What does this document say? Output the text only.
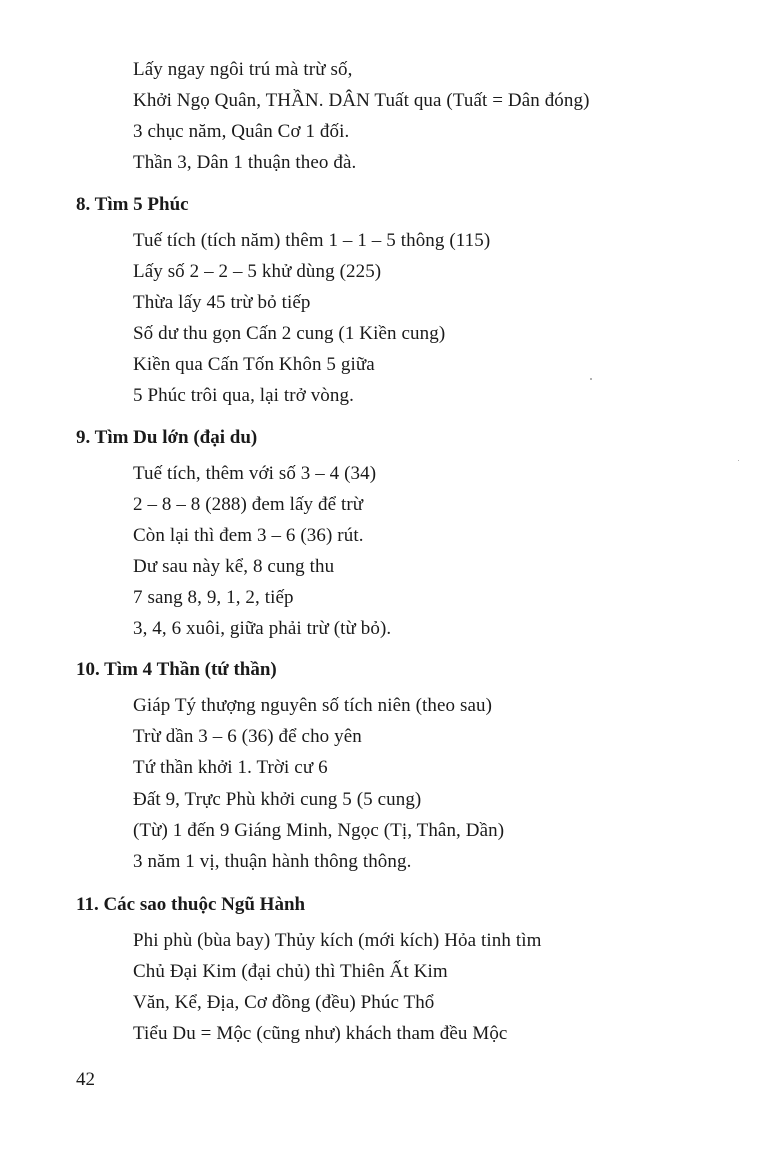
Lấy ngay ngôi trú mà trừ số,
Khởi Ngọ Quân, THẦN. DÂN Tuất qua (Tuất = Dân đóng)
3 chục năm, Quân Cơ 1 đối.
Thần 3, Dân 1 thuận theo đà.
8. Tìm 5 Phúc
Tuế tích (tích năm) thêm 1 – 1 – 5 thông (115)
Lấy số 2 – 2 – 5 khử dùng (225)
Thừa lấy 45 trừ bỏ tiếp
Số dư thu gọn Cấn 2 cung (1 Kiền cung)
Kiền qua Cấn Tốn Khôn 5 giữa
5 Phúc trôi qua, lại trở vòng.
9. Tìm Du lớn (đại du)
Tuế tích, thêm với số 3 – 4 (34)
2 – 8 – 8 (288) đem lấy để trừ
Còn lại thì đem 3 – 6 (36) rút.
Dư sau này kể, 8 cung thu
7 sang 8, 9, 1, 2, tiếp
3, 4, 6 xuôi, giữa phải trừ (từ bỏ).
10. Tìm 4 Thần (tứ thần)
Giáp Tý thượng nguyên số tích niên (theo sau)
Trừ dần 3 – 6 (36) để cho yên
Tứ thần khởi 1. Trời cư 6
Đất 9, Trực Phù khởi cung 5 (5 cung)
(Từ) 1 đến 9 Giáng Minh, Ngọc (Tị, Thân, Dần)
3 năm 1 vị, thuận hành thông thông.
11. Các sao thuộc Ngũ Hành
Phi phù (bùa bay) Thủy kích (mới kích) Hỏa tinh tìm
Chủ Đại Kim (đại chủ) thì Thiên Ất Kim
Văn, Kể, Địa, Cơ đồng (đều) Phúc Thổ
Tiểu Du = Mộc (cũng như) khách tham đều Mộc
42
